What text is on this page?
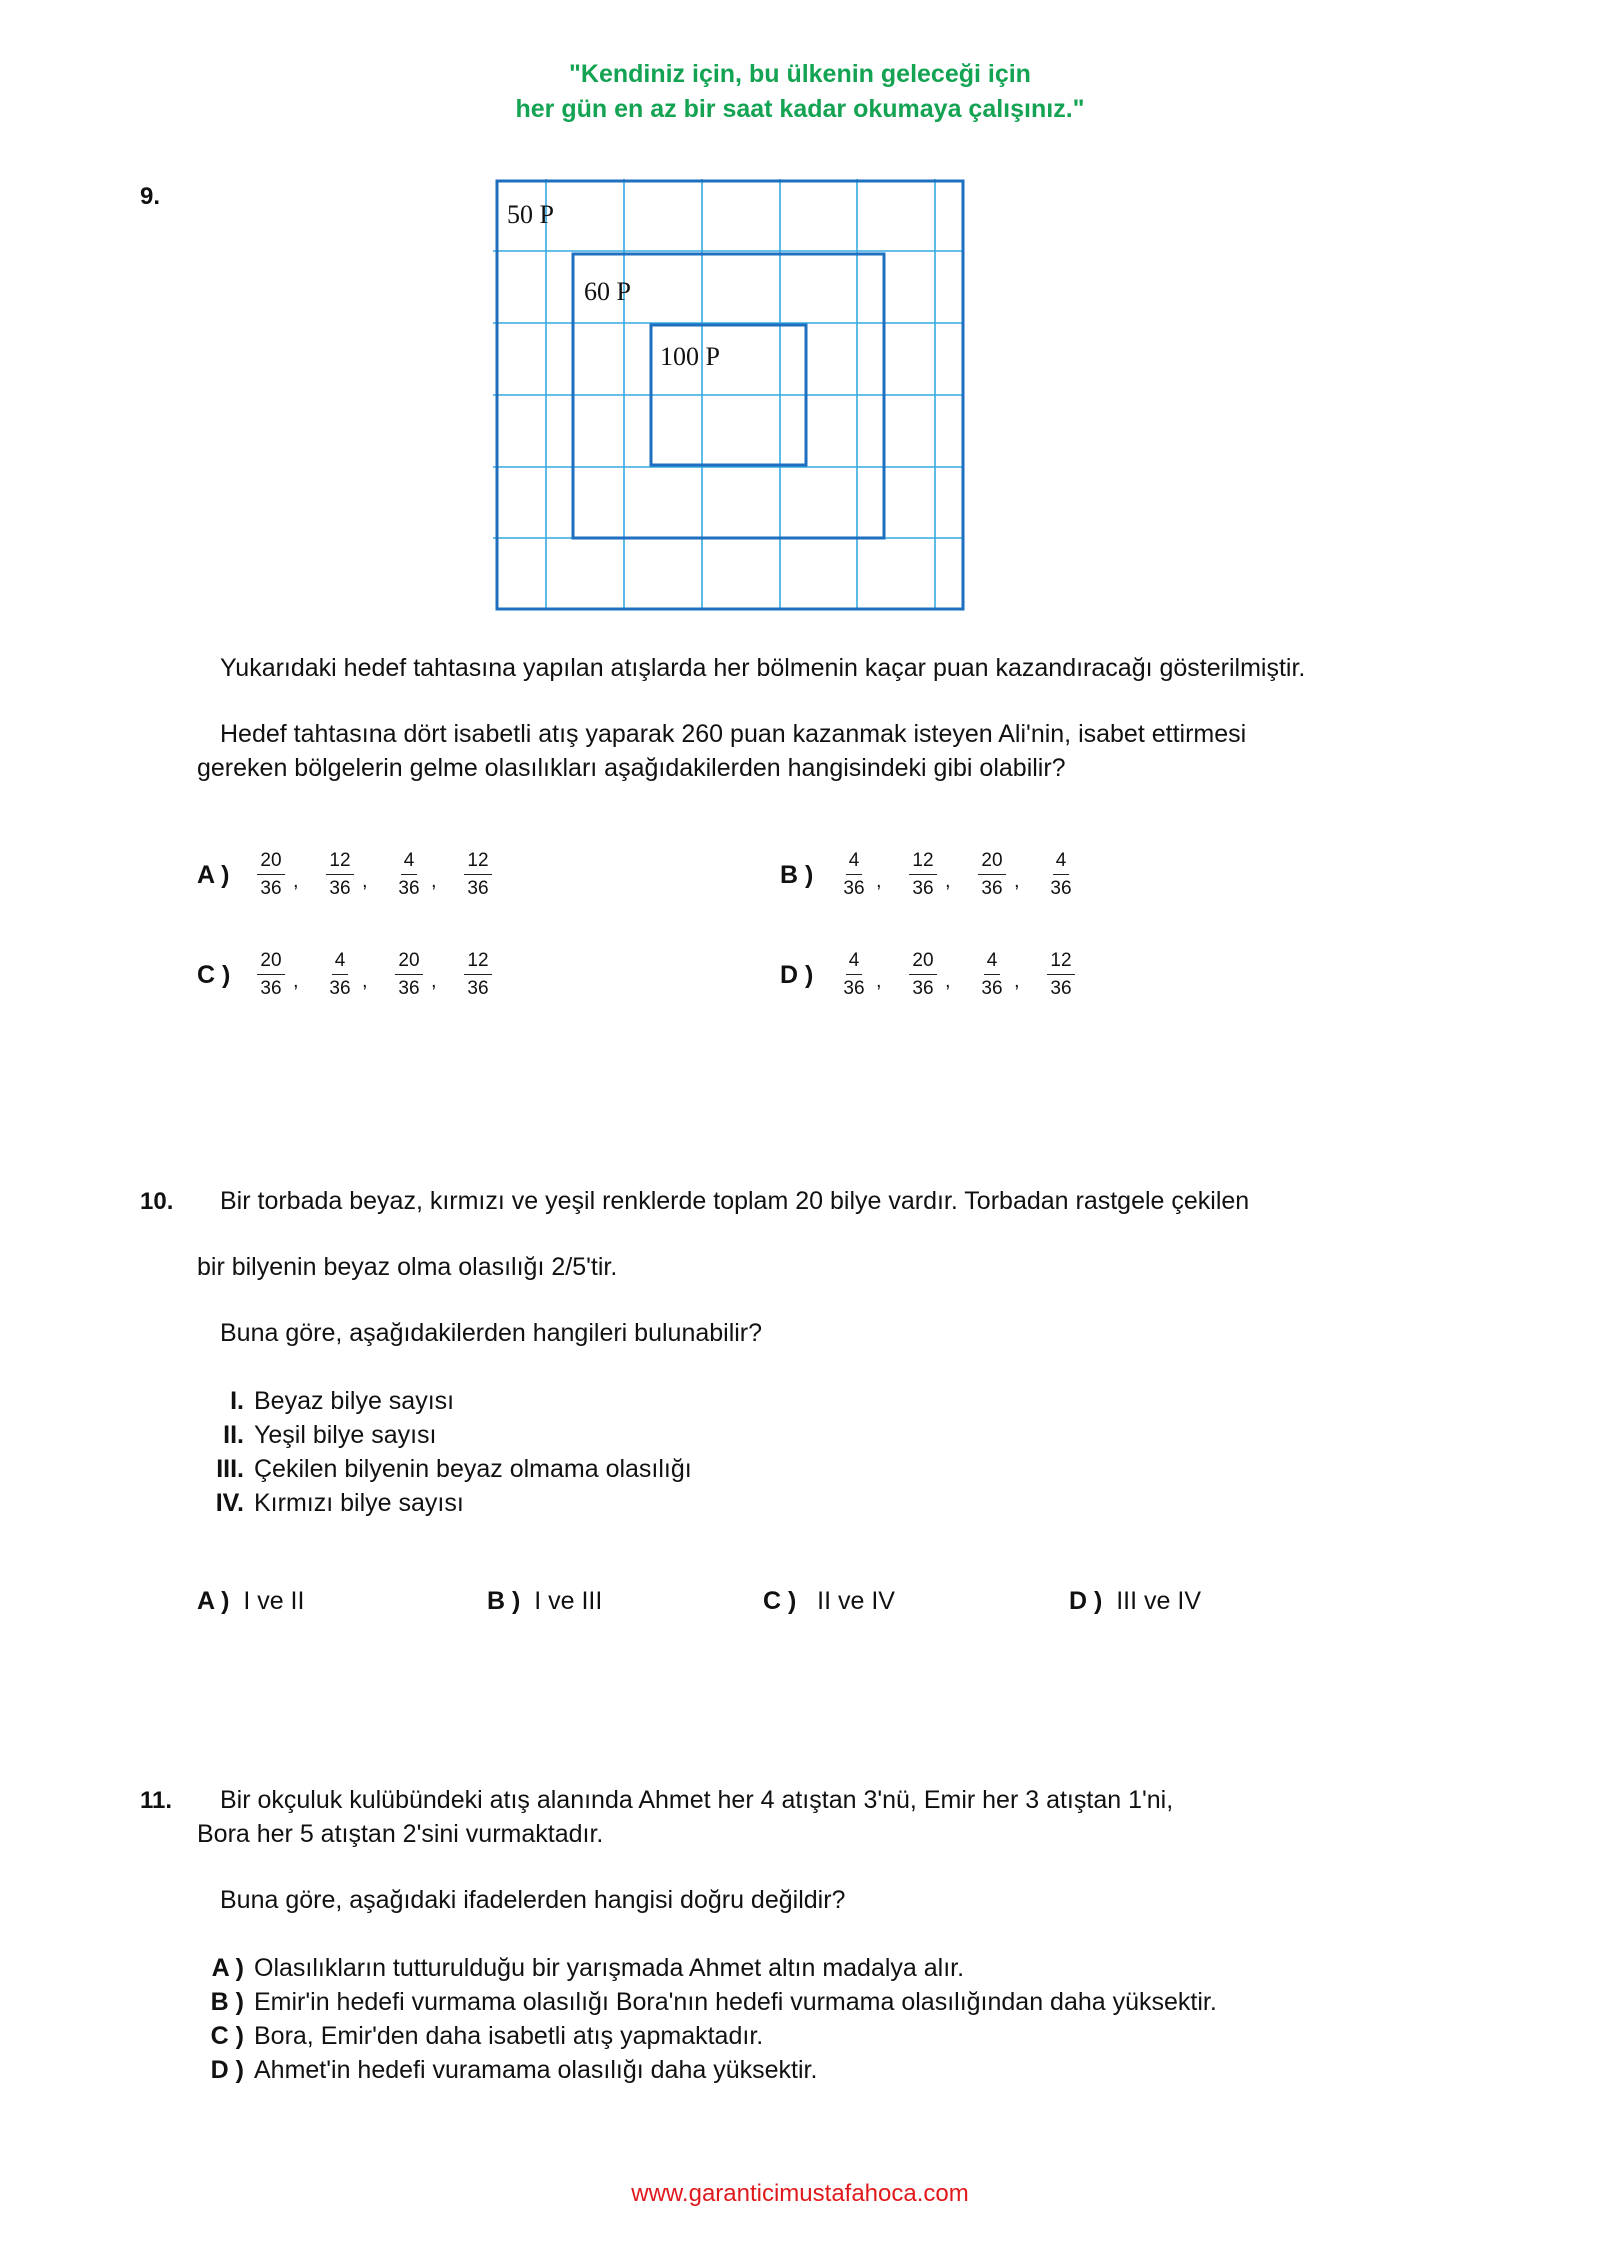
"Kendiniz için, bu ülkenin geleceği için
her gün en az bir saat kadar okumaya çalışınız."
9.
50 P
60 P
100 P
Yukarıdaki hedef tahtasına yapılan atışlarda her bölmenin kaçar puan kazandıracağı gösterilmiştir.
Hedef tahtasına dört isabetli atış yaparak 260 puan kazanmak isteyen Ali'nin, isabet ettirmesi
gereken bölgelerin gelme olasılıkları aşağıdakilerden hangisindeki gibi olabilir?
A )	$\frac{20}{36}$ ,	$\frac{12}{36}$ ,	$\frac{4}{36}$ ,	$\frac{12}{36}$	B )	$\frac{4}{36}$ ,	$\frac{12}{36}$ ,	$\frac{20}{36}$ ,	$\frac{4}{36}$
C )	$\frac{20}{36}$ ,	$\frac{4}{36}$ ,	$\frac{20}{36}$ ,	$\frac{12}{36}$	D )	$\frac{4}{36}$ ,	$\frac{20}{36}$ ,	$\frac{4}{36}$ ,	$\frac{12}{36}$
10. Bir torbada beyaz, kırmızı ve yeşil renklerde toplam 20 bilye vardır. Torbadan rastgele çekilen
bir bilyenin beyaz olma olasılığı 2/5'tir.
Buna göre, aşağıdakilerden hangileri bulunabilir?
I. Beyaz bilye sayısı
II. Yeşil bilye sayısı
III. Çekilen bilyenin beyaz olmama olasılığı
IV. Kırmızı bilye sayısı
A ) I ve II	B ) I ve III	C ) II ve IV	D ) III ve IV
11. Bir okçuluk kulübündeki atış alanında Ahmet her 4 atıştan 3'nü, Emir her 3 atıştan 1'ni,
Bora her 5 atıştan 2'sini vurmaktadır.
Buna göre, aşağıdaki ifadelerden hangisi doğru değildir?
A ) Olasılıkların tutturulduğu bir yarışmada Ahmet altın madalya alır.
B ) Emir'in hedefi vurmama olasılığı Bora'nın hedefi vurmama olasılığından daha yüksektir.
C ) Bora, Emir'den daha isabetli atış yapmaktadır.
D ) Ahmet'in hedefi vuramama olasılığı daha yüksektir.
www.garanticimustafahoca.com
